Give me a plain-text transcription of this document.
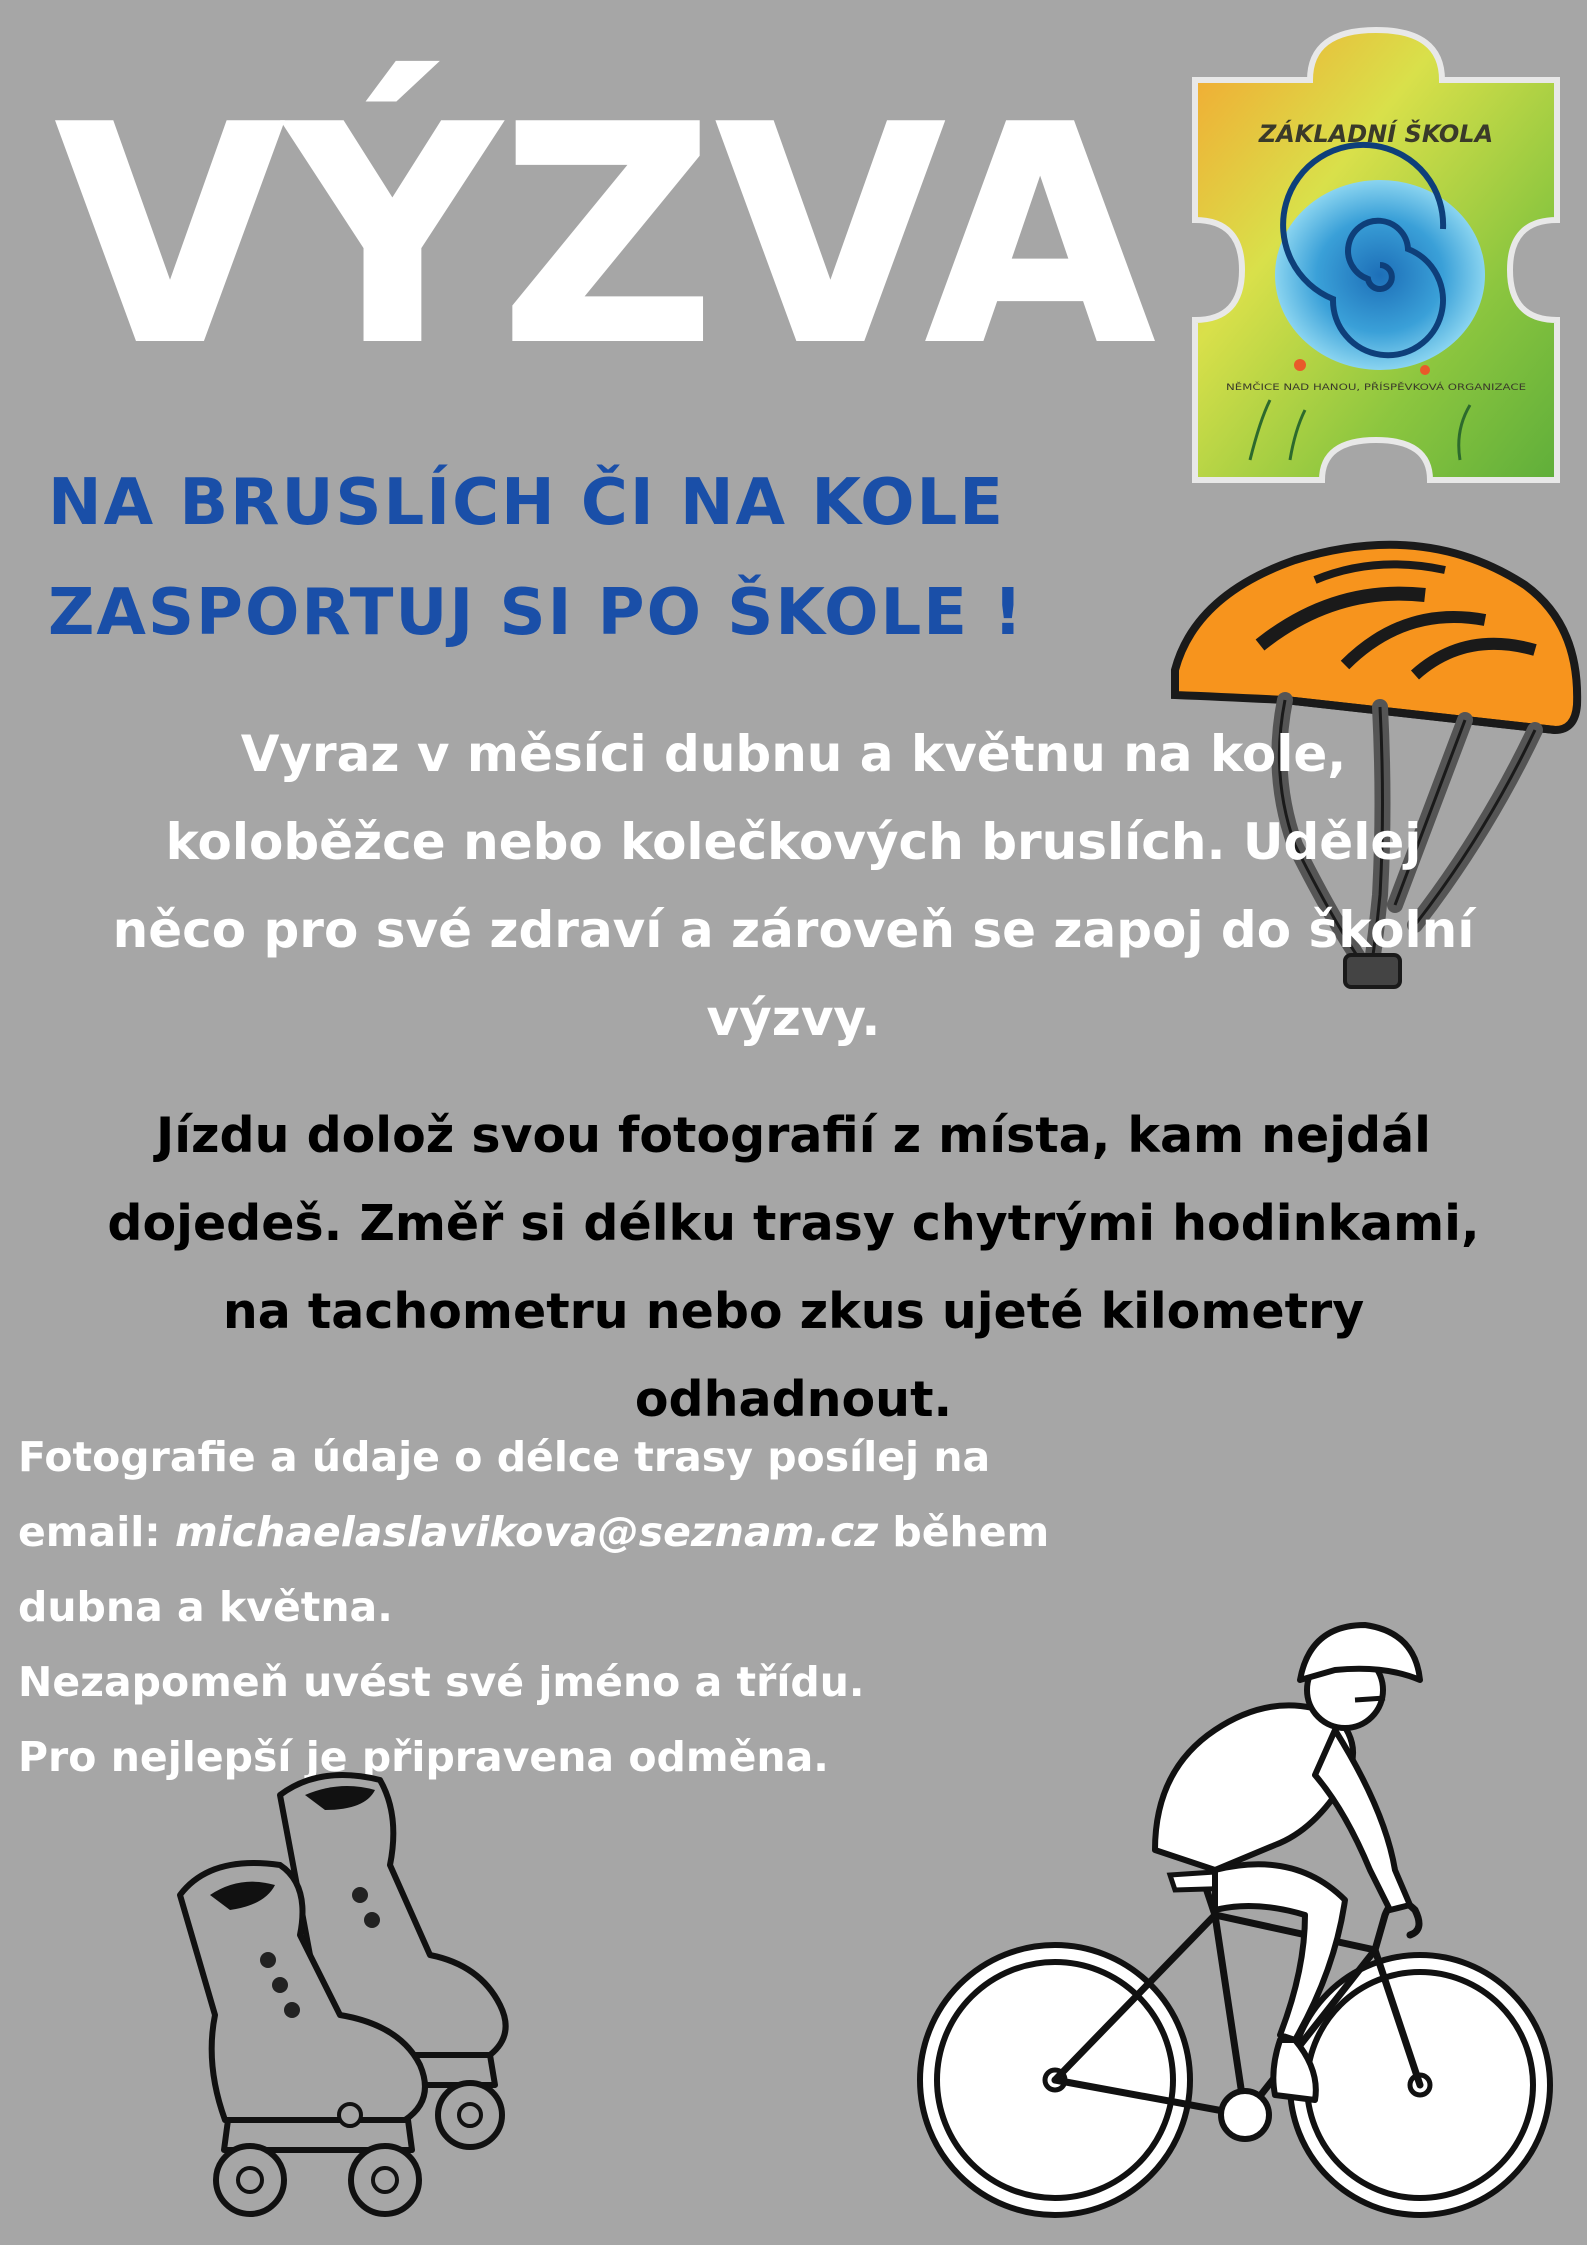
VÝZVA	ZÁKLADNÍ ŠKOLA
NĚMČICE NAD HANOU, PŘÍSPĚVKOVÁ ORGANIZACE
NA BRUSLÍCH ČI NA KOLE
ZASPORTUJ SI PO ŠKOLE !
Vyraz v měsíci dubnu a květnu na kole,
koloběžce nebo kolečkových bruslích. Udělej
něco pro své zdraví a zároveň se zapoj do školní
výzvy.
Jízdu dolož svou fotografií z místa, kam nejdál
dojedeš. Změř si délku trasy chytrými hodinkami,
na tachometru nebo zkus ujeté kilometry
odhadnout.
Fotografie a údaje o délce trasy posílej na
email: michaelaslavikova@seznam.cz během
dubna a května.
Nezapomeň uvést své jméno a třídu.
Pro nejlepší je připravena odměna.
